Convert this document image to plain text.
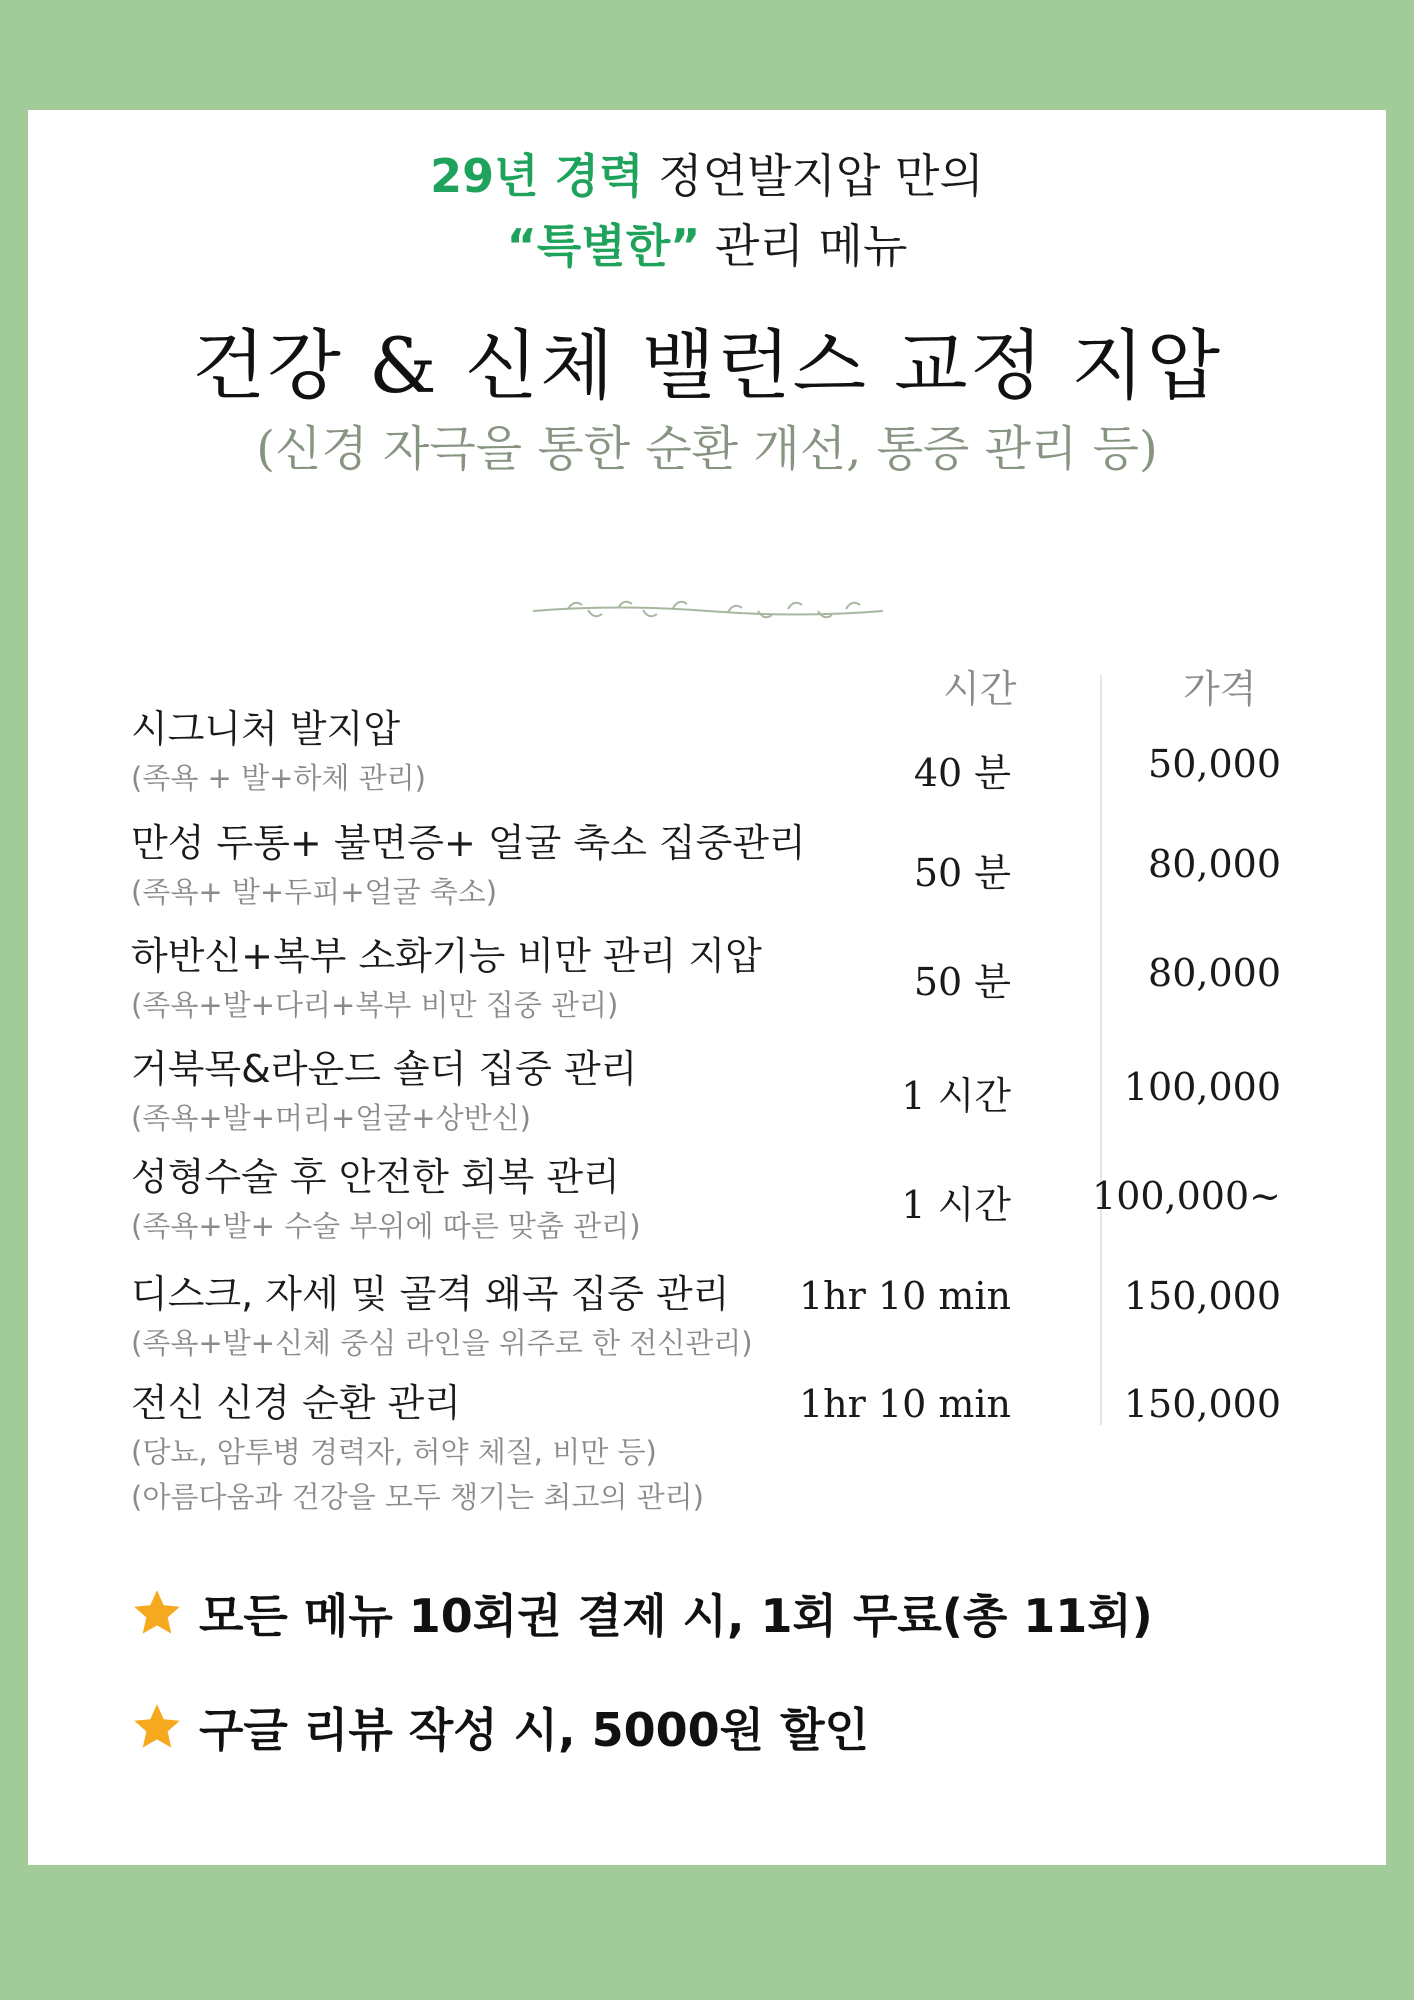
29년 경력 정연발지압 만의
“특별한” 관리 메뉴
건강 & 신체 밸런스 교정 지압
(신경 자극을 통한 순환 개선, 통증 관리 등)
시간	가격
시그니처 발지압
(족욕 + 발+하체 관리)	40 분	50,000
만성 두통+ 불면증+ 얼굴 축소 집중관리
(족욕+ 발+두피+얼굴 축소)	50 분	80,000
하반신+복부 소화기능 비만 관리 지압
(족욕+발+다리+복부 비만 집중 관리)
50 분	80,000
거북목&라운드 숄더 집중 관리
(족욕+발+머리+얼굴+상반신)	1 시간	100,000
성형수술 후 안전한 회복 관리
(족욕+발+ 수술 부위에 따른 맞춤 관리)	1 시간 100,000~
디스크, 자세 및 골격 왜곡 집중 관리
(족욕+발+신체 중심 라인을 위주로 한 전신관리)
1hr 10 min	150,000
전신 신경 순환 관리
(당뇨, 암투병 경력자, 허약 체질, 비만 등)
(아름다움과 건강을 모두 챙기는 최고의 관리)
1hr 10 min	150,000
모든 메뉴 10회권 결제 시, 1회 무료(총 11회)
구글 리뷰 작성 시, 5000원 할인
